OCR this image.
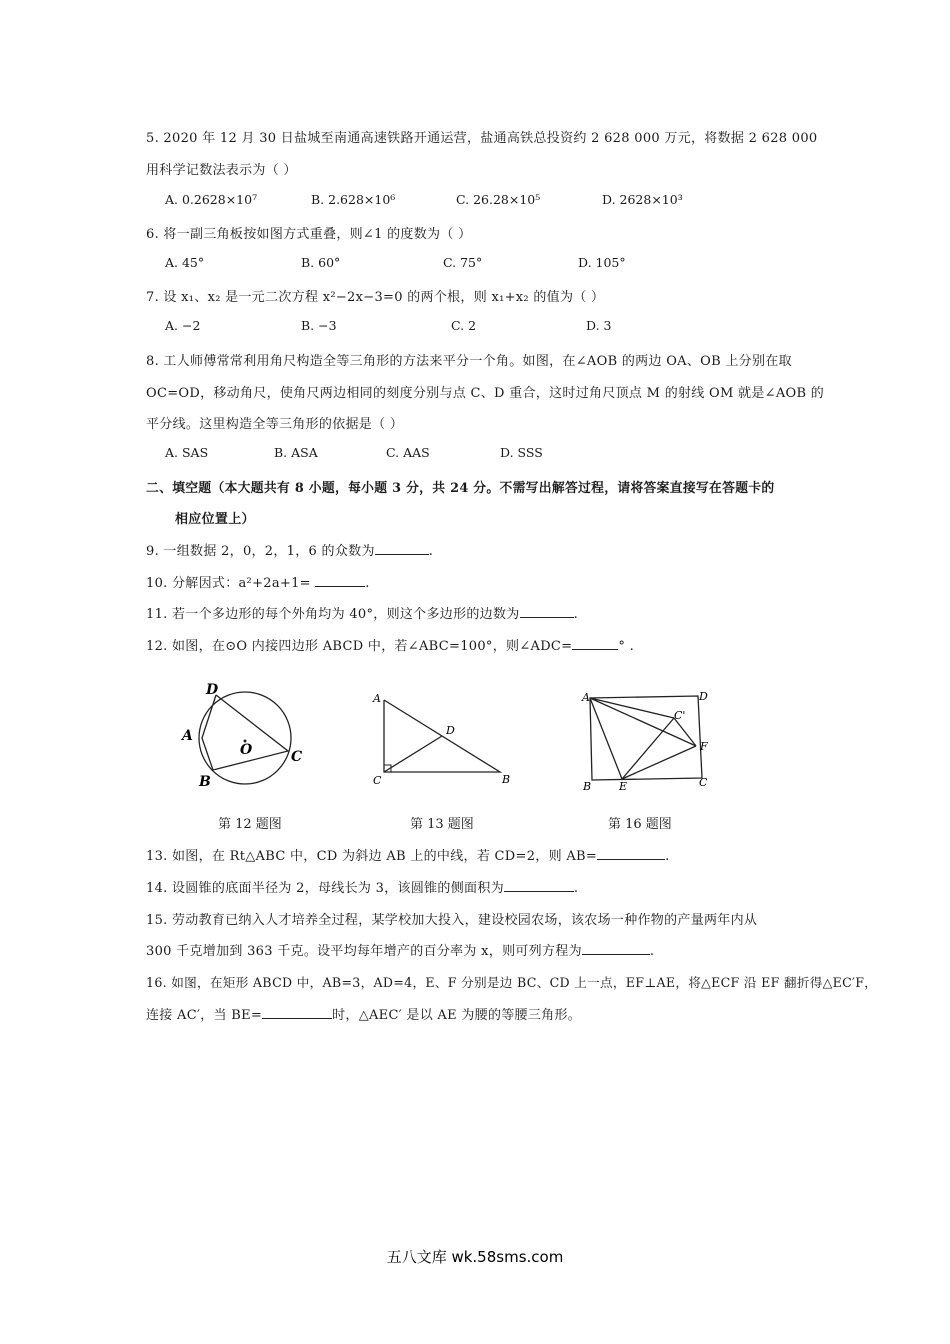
5. 2020 年 12 月 30 日盐城至南通高速铁路开通运营，盐通高铁总投资约 2 628 000 万元，将数据 2 628 000
用科学记数法表示为（ ）
A. 0.2628×10⁷	B. 2.628×10⁶	C. 26.28×10⁵	D. 2628×10³
6. 将一副三角板按如图方式重叠，则∠1 的度数为（ ）
A. 45°	B. 60°	C. 75°	D. 105°
7. 设 x₁、x₂ 是一元二次方程 x²−2x−3=0 的两个根，则 x₁+x₂ 的值为（ ）
A. −2	B. −3	C. 2	D. 3
8. 工人师傅常常利用角尺构造全等三角形的方法来平分一个角。如图，在∠AOB 的两边 OA、OB 上分别在取
OC=OD，移动角尺，使角尺两边相同的刻度分别与点 C、D 重合，这时过角尺顶点 M 的射线 OM 就是∠AOB 的
平分线。这里构造全等三角形的依据是（ ）
A. SAS	B. ASA	C. AAS	D. SSS
二、填空题（本大题共有 8 小题，每小题 3 分，共 24 分。不需写出解答过程，请将答案直接写在答题卡的
相应位置上）
9. 一组数据 2，0，2，1，6 的众数为	.
10. 分解因式：a²+2a+1=	.
11. 若一个多边形的每个外角均为 40°，则这个多边形的边数为	.
12. 如图，在⊙O 内接四边形 ABCD 中，若∠ABC=100°，则∠ADC=	° .
D
A
O	C
B
第 12 题图
A
D
C	B
第 13 题图
A	D
C'
F
B	E	C
第 16 题图
13. 如图，在 Rt△ABC 中，CD 为斜边 AB 上的中线，若 CD=2，则 AB=	.
14. 设圆锥的底面半径为 2，母线长为 3，该圆锥的侧面积为	.
15. 劳动教育已纳入人才培养全过程，某学校加大投入，建设校园农场，该农场一种作物的产量两年内从
300 千克增加到 363 千克。设平均每年增产的百分率为 x，则可列方程为	.
16. 如图，在矩形 ABCD 中，AB=3，AD=4，E、F 分别是边 BC、CD 上一点，EF⊥AE，将△ECF 沿 EF 翻折得△EC′F，
连接 AC′，当 BE=	时，△AEC′ 是以 AE 为腰的等腰三角形。
五八文库 wk.58sms.com
